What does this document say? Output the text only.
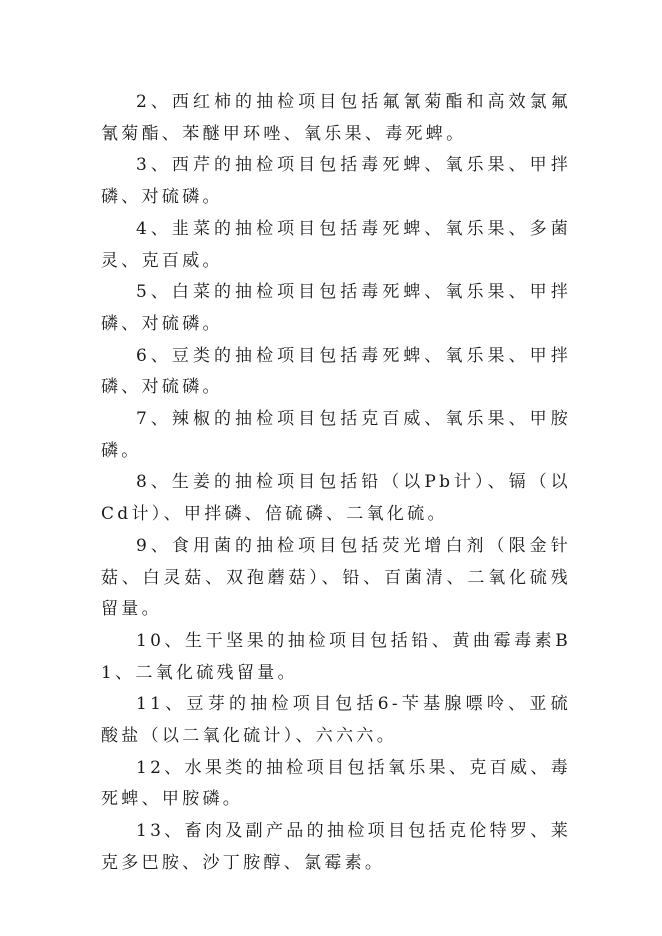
2、西红柿的抽检项目包括氟氰菊酯和高效氯氟氰菊酯、苯醚甲环唑、氧乐果、毒死蜱。

3、西芹的抽检项目包括毒死蜱、氧乐果、甲拌磷、对硫磷。

4、韭菜的抽检项目包括毒死蜱、氧乐果、多菌灵、克百威。

5、白菜的抽检项目包括毒死蜱、氧乐果、甲拌磷、对硫磷。

6、豆类的抽检项目包括毒死蜱、氧乐果、甲拌磷、对硫磷。

7、辣椒的抽检项目包括克百威、氧乐果、甲胺磷。

8、生姜的抽检项目包括铅（以Pb计）、镉（以Cd计）、甲拌磷、倍硫磷、二氧化硫。

9、食用菌的抽检项目包括荧光增白剂（限金针菇、白灵菇、双孢蘑菇）、铅、百菌清、二氧化硫残留量。

10、生干坚果的抽检项目包括铅、黄曲霉毒素B1、二氧化硫残留量。

11、豆芽的抽检项目包括6-苄基腺嘌呤、亚硫酸盐（以二氧化硫计）、六六六。

12、水果类的抽检项目包括氧乐果、克百威、毒死蜱、甲胺磷。

13、畜肉及副产品的抽检项目包括克伦特罗、莱克多巴胺、沙丁胺醇、氯霉素。
